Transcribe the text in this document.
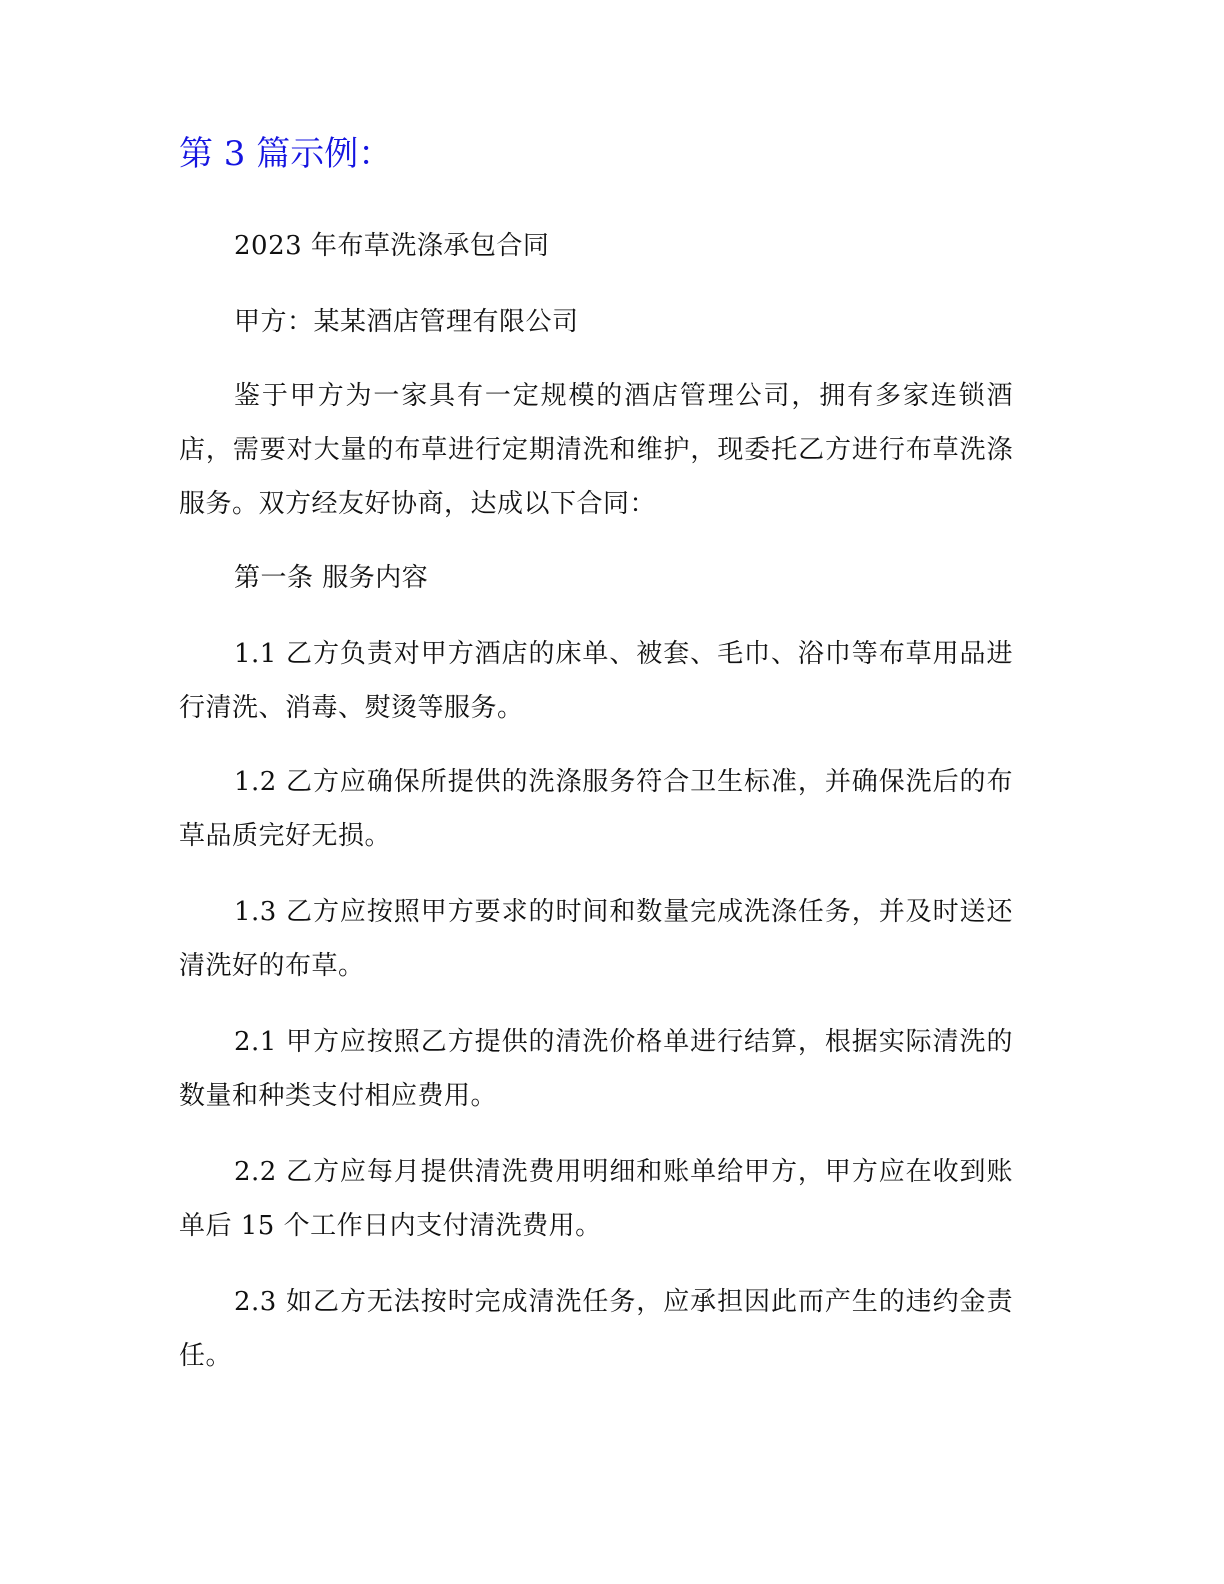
第 3 篇示例：

2023 年布草洗涤承包合同

甲方：某某酒店管理有限公司

鉴于甲方为一家具有一定规模的酒店管理公司，拥有多家连锁酒店，需要对大量的布草进行定期清洗和维护，现委托乙方进行布草洗涤服务。双方经友好协商，达成以下合同：

第一条 服务内容

1.1 乙方负责对甲方酒店的床单、被套、毛巾、浴巾等布草用品进行清洗、消毒、熨烫等服务。

1.2 乙方应确保所提供的洗涤服务符合卫生标准，并确保洗后的布草品质完好无损。

1.3 乙方应按照甲方要求的时间和数量完成洗涤任务，并及时送还清洗好的布草。

2.1 甲方应按照乙方提供的清洗价格单进行结算，根据实际清洗的数量和种类支付相应费用。

2.2 乙方应每月提供清洗费用明细和账单给甲方，甲方应在收到账单后 15 个工作日内支付清洗费用。

2.3 如乙方无法按时完成清洗任务，应承担因此而产生的违约金责任。
